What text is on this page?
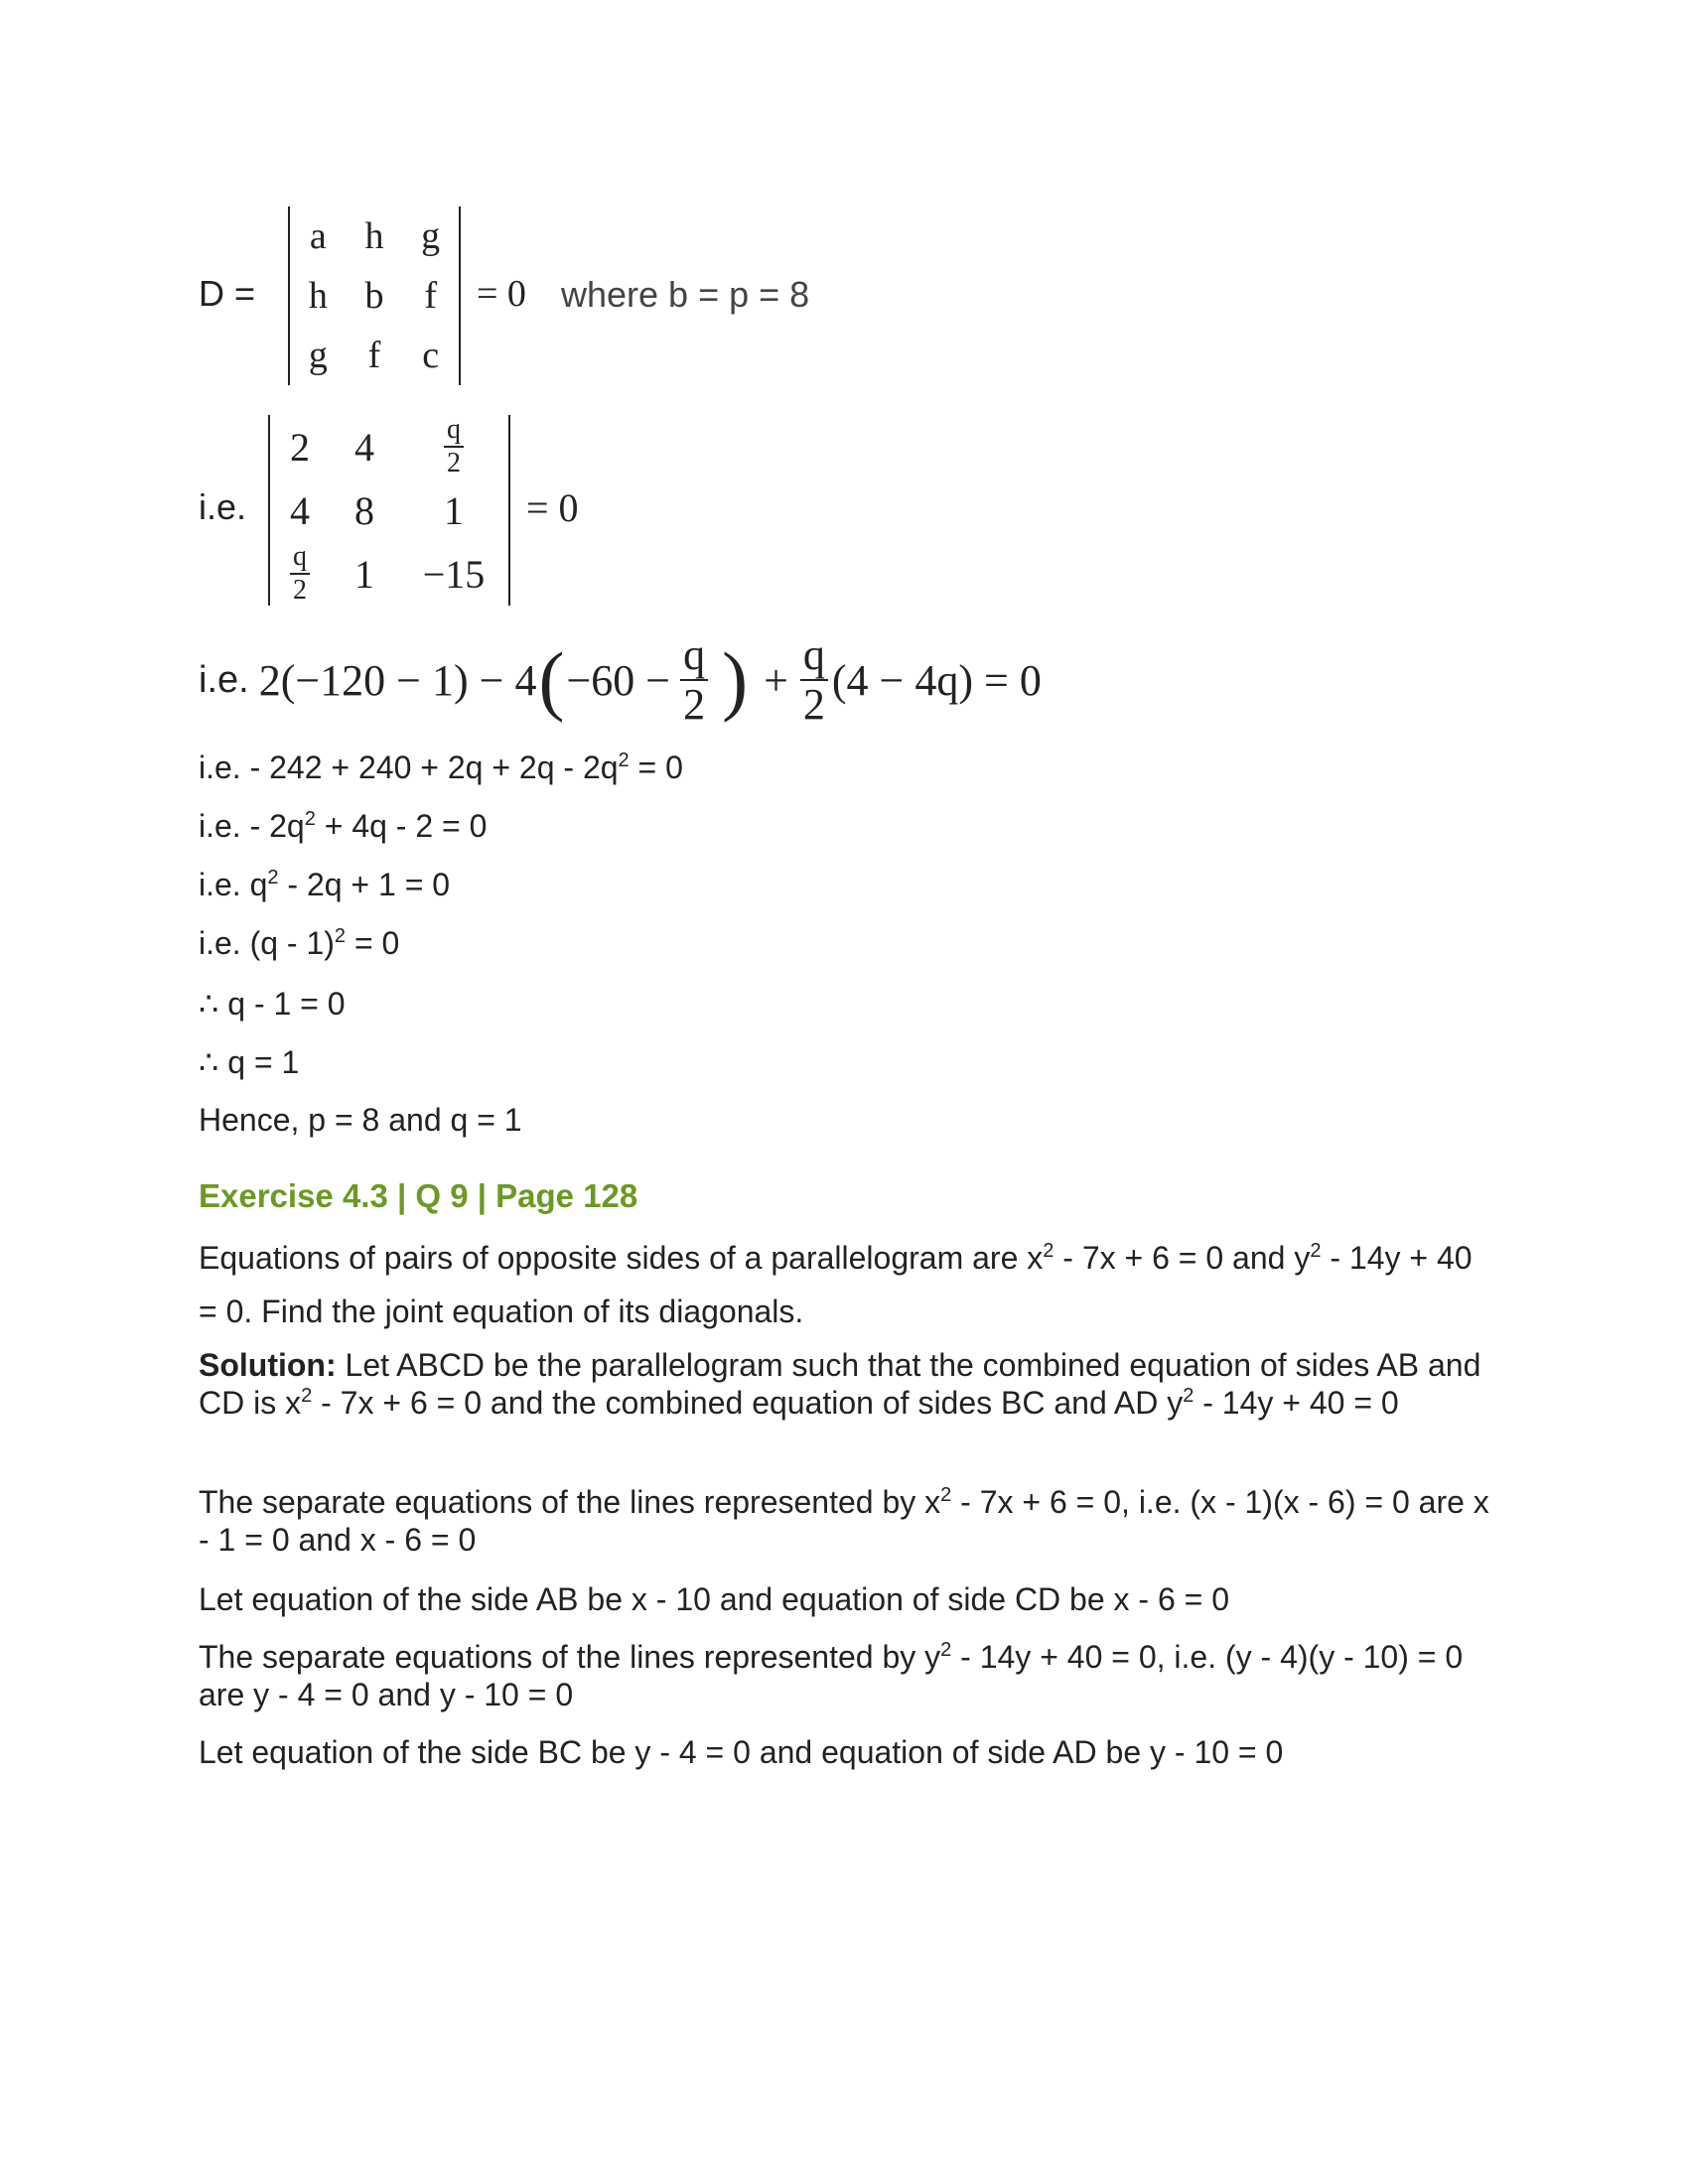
D =
a	h g
h b	f
g	f	c
= 0 where b = p = 8
i.e.
2	4	$\frac{q}{2}$
4	8	1
$\frac{q}{2}$	1	−15
= 0
i.e. 2(−120 − 1) − 4 ( $-60 - \frac{q}{2}$ ) + $\frac{q}{2} (4 - 4q) = 0$
i.e. - $242 + 240 + 2q + 2q - 2q^2 = 0$
i.e. - $2q^2 + 4q - 2 = 0$
i.e. $q^2 - 2q + 1 = 0$
i.e. (q - 1)$^2$ = 0
∴ q - 1 = 0
∴ q = 1
Hence, p = 8 and q = 1
Exercise 4.3 | Q 9 | Page 128
Equations of pairs of opposite sides of a parallelogram are $x^2 - 7x + 6 = 0$ and $y^2 - 14y + 40 = 0$. Find the joint equation of its diagonals.
Solution: Let ABCD be the parallelogram such that the combined equation of sides AB and CD is $x^2 - 7x + 6 = 0$ and the combined equation of sides BC and AD $y^2 - 14y + 40 = 0$
The separate equations of the lines represented by $x^2 - 7x + 6 = 0$, i.e. (x - 1)(x - 6) = 0 are x - 1 = 0 and x - 6 = 0
Let equation of the side AB be x - 10 and equation of side CD be x - 6 = 0
The separate equations of the lines represented by $y^2 - 14y + 40 = 0$, i.e. (y - 4)(y - 10) = 0 are y - 4 = 0 and y - 10 = 0
Let equation of the side BC be y - 4 = 0 and equation of side AD be y - 10 = 0
